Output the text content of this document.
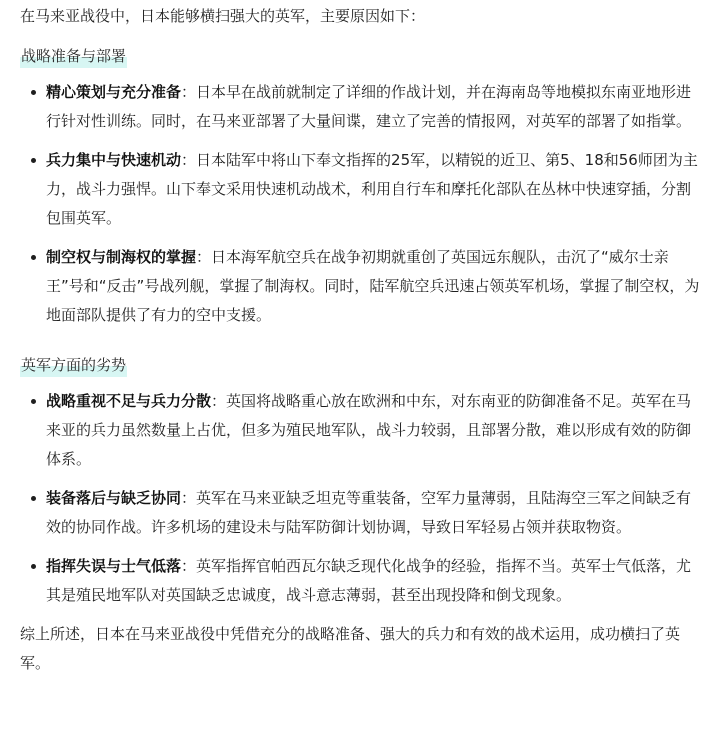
在马来亚战役中，日本能够横扫强大的英军，主要原因如下：

战略准备与部署
精心策划与充分准备：日本早在战前就制定了详细的作战计划，并在海南岛等地模拟东南亚地形进行针对性训练。同时，在马来亚部署了大量间谍，建立了完善的情报网，对英军的部署了如指掌。
兵力集中与快速机动：日本陆军中将山下奉文指挥的25军，以精锐的近卫、第5、18和56师团为主力，战斗力强悍。山下奉文采用快速机动战术，利用自行车和摩托化部队在丛林中快速穿插，分割包围英军。
制空权与制海权的掌握：日本海军航空兵在战争初期就重创了英国远东舰队，击沉了“威尔士亲王”号和“反击”号战列舰，掌握了制海权。同时，陆军航空兵迅速占领英军机场，掌握了制空权，为地面部队提供了有力的空中支援。
英军方面的劣势
战略重视不足与兵力分散：英国将战略重心放在欧洲和中东，对东南亚的防御准备不足。英军在马来亚的兵力虽然数量上占优，但多为殖民地军队，战斗力较弱，且部署分散，难以形成有效的防御体系。
装备落后与缺乏协同：英军在马来亚缺乏坦克等重装备，空军力量薄弱，且陆海空三军之间缺乏有效的协同作战。许多机场的建设未与陆军防御计划协调，导致日军轻易占领并获取物资。
指挥失误与士气低落：英军指挥官帕西瓦尔缺乏现代化战争的经验，指挥不当。英军士气低落，尤其是殖民地军队对英国缺乏忠诚度，战斗意志薄弱，甚至出现投降和倒戈现象。

综上所述，日本在马来亚战役中凭借充分的战略准备、强大的兵力和有效的战术运用，成功横扫了英军。
